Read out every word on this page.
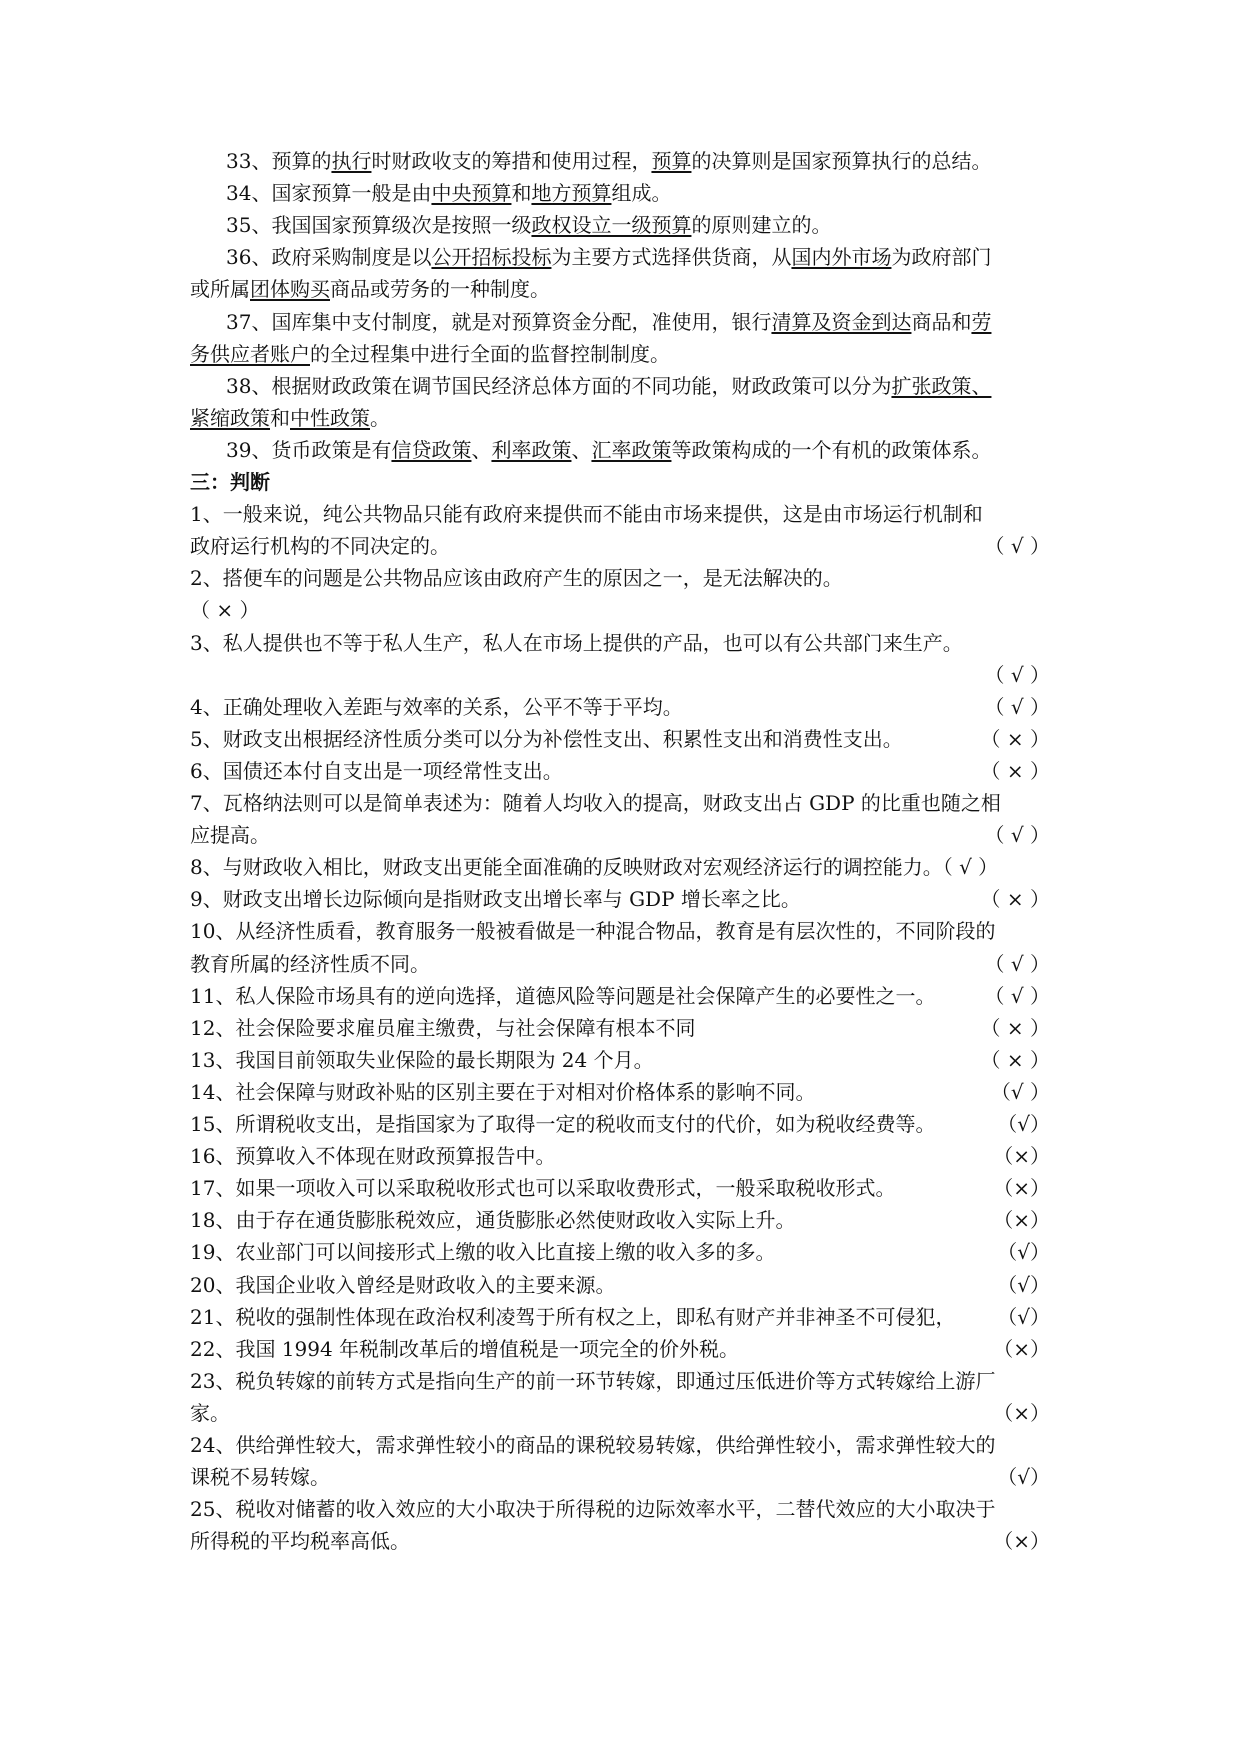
33、预算的执行时财政收支的筹措和使用过程，预算的决算则是国家预算执行的总结。
34、国家预算一般是由中央预算和地方预算组成。
35、我国国家预算级次是按照一级政权设立一级预算的原则建立的。
36、政府采购制度是以公开招标投标为主要方式选择供货商，从国内外市场为政府部门
或所属团体购买商品或劳务的一种制度。
37、国库集中支付制度，就是对预算资金分配，准使用，银行清算及资金到达商品和劳
务供应者账户的全过程集中进行全面的监督控制制度。
38、根据财政政策在调节国民经济总体方面的不同功能，财政政策可以分为扩张政策、
紧缩政策和中性政策。
39、货币政策是有信贷政策、利率政策、汇率政策等政策构成的一个有机的政策体系。
三：判断
1、一般来说，纯公共物品只能有政府来提供而不能由市场来提供，这是由市场运行机制和
政府运行机构的不同决定的。	（ √ ）
2、搭便车的问题是公共物品应该由政府产生的原因之一，是无法解决的。
（ × ）
3、私人提供也不等于私人生产，私人在市场上提供的产品，也可以有公共部门来生产。
（ √ ）
4、正确处理收入差距与效率的关系，公平不等于平均。	（ √ ）
5、财政支出根据经济性质分类可以分为补偿性支出、积累性支出和消费性支出。	（ × ）
6、国债还本付自支出是一项经常性支出。	（ × ）
7、瓦格纳法则可以是简单表述为：随着人均收入的提高，财政支出占 GDP 的比重也随之相
应提高。	（ √ ）
8、与财政收入相比，财政支出更能全面准确的反映财政对宏观经济运行的调控能力。（ √ ）
9、财政支出增长边际倾向是指财政支出增长率与 GDP 增长率之比。	（ × ）
10、从经济性质看，教育服务一般被看做是一种混合物品，教育是有层次性的，不同阶段的
教育所属的经济性质不同。	（ √ ）
11、私人保险市场具有的逆向选择，道德风险等问题是社会保障产生的必要性之一。	（ √ ）
12、社会保险要求雇员雇主缴费，与社会保障有根本不同	（ × ）
13、我国目前领取失业保险的最长期限为 24 个月。	（ × ）
14、社会保障与财政补贴的区别主要在于对相对价格体系的影响不同。	（√ ）
15、所谓税收支出，是指国家为了取得一定的税收而支付的代价，如为税收经费等。	（√）
16、预算收入不体现在财政预算报告中。	（×）
17、如果一项收入可以采取税收形式也可以采取收费形式，一般采取税收形式。	（×）
18、由于存在通货膨胀税效应，通货膨胀必然使财政收入实际上升。	（×）
19、农业部门可以间接形式上缴的收入比直接上缴的收入多的多。	（√）
20、我国企业收入曾经是财政收入的主要来源。	（√）
21、税收的强制性体现在政治权利凌驾于所有权之上，即私有财产并非神圣不可侵犯，	（√）
22、我国 1994 年税制改革后的增值税是一项完全的价外税。	（×）
23、税负转嫁的前转方式是指向生产的前一环节转嫁，即通过压低进价等方式转嫁给上游厂
家。	（×）
24、供给弹性较大，需求弹性较小的商品的课税较易转嫁，供给弹性较小，需求弹性较大的
课税不易转嫁。	（√）
25、税收对储蓄的收入效应的大小取决于所得税的边际效率水平，二替代效应的大小取决于
所得税的平均税率高低。	（×）
